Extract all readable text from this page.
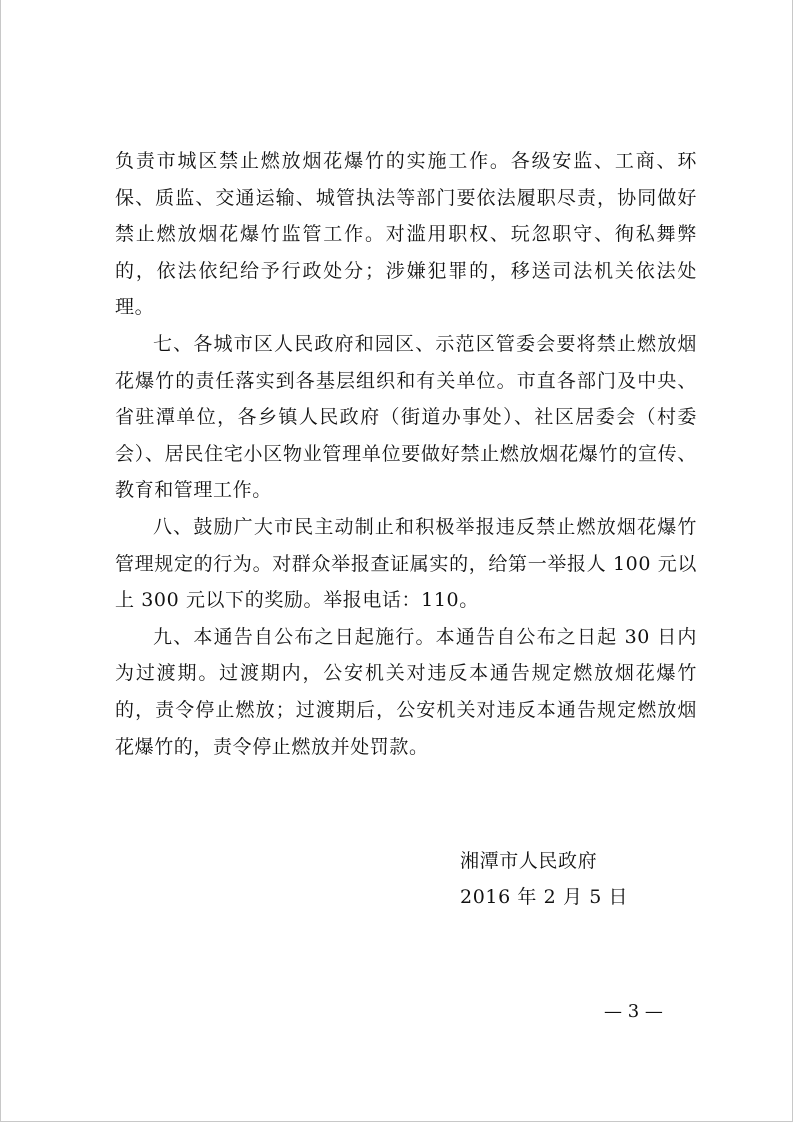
负责市城区禁止燃放烟花爆竹的实施工作。各级安监、工商、环保、质监、交通运输、城管执法等部门要依法履职尽责，协同做好禁止燃放烟花爆竹监管工作。对滥用职权、玩忽职守、徇私舞弊的，依法依纪给予行政处分；涉嫌犯罪的，移送司法机关依法处理。

七、各城市区人民政府和园区、示范区管委会要将禁止燃放烟花爆竹的责任落实到各基层组织和有关单位。市直各部门及中央、省驻潭单位，各乡镇人民政府（街道办事处）、社区居委会（村委会）、居民住宅小区物业管理单位要做好禁止燃放烟花爆竹的宣传、教育和管理工作。

八、鼓励广大市民主动制止和积极举报违反禁止燃放烟花爆竹管理规定的行为。对群众举报查证属实的，给第一举报人 100 元以上 300 元以下的奖励。举报电话：110。

九、本通告自公布之日起施行。本通告自公布之日起 30 日内为过渡期。过渡期内，公安机关对违反本通告规定燃放烟花爆竹的，责令停止燃放；过渡期后，公安机关对违反本通告规定燃放烟花爆竹的，责令停止燃放并处罚款。

湘潭市人民政府
2016 年 2 月 5 日
— 3 —
